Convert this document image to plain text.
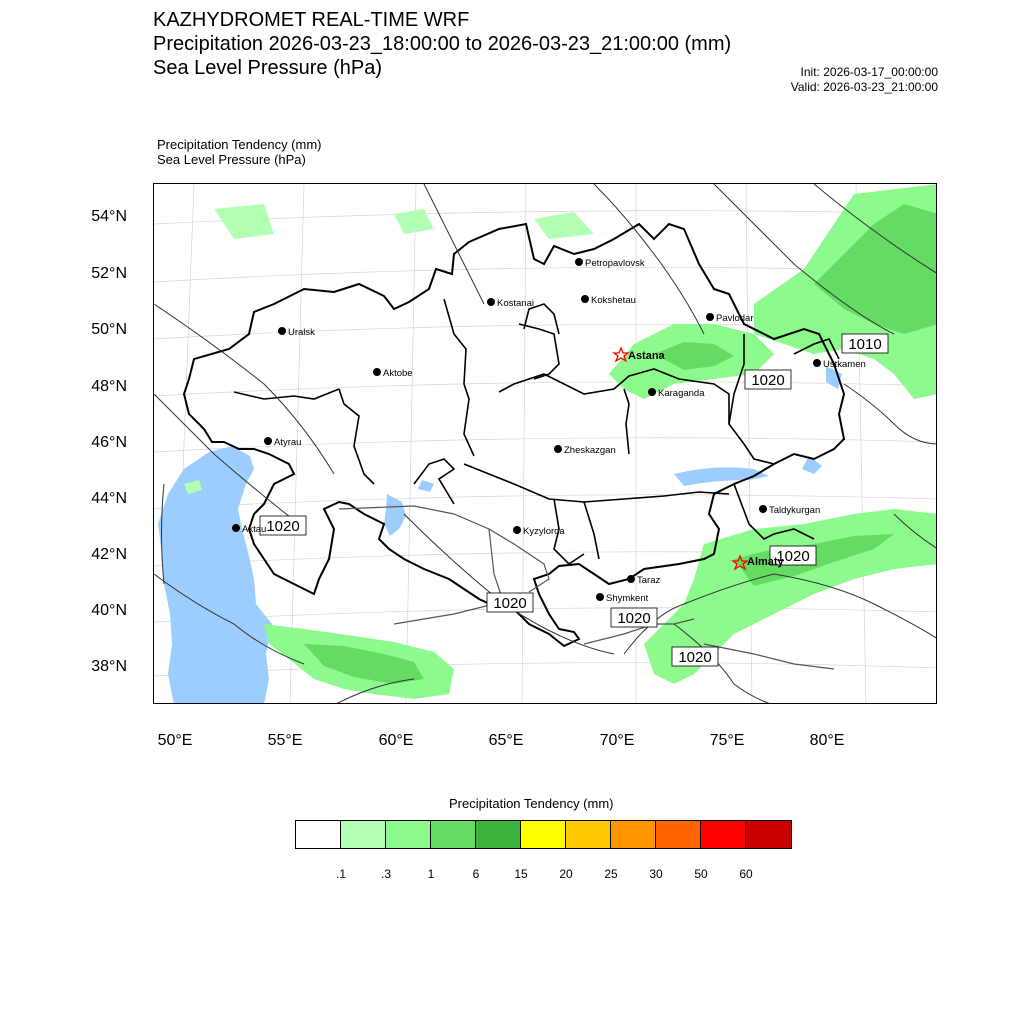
KAZHYDROMET REAL-TIME WRF
Precipitation 2026-03-23_18:00:00 to 2026-03-23_21:00:00 (mm)
Sea Level Pressure (hPa)	Init: 2026-03-17_00:00:00
Valid: 2026-03-23_21:00:00
Precipitation Tendency (mm)
Sea Level Pressure (hPa)
1020
1020
1020
1020
1020
1020
1010
Petropavlovsk
Kostanai	Kokshetau
Uralsk
Pavlodar
Astana
Ustkamen
Aktobe
Karaganda
Atyrau
Zheskazgan
Aktau
Taldykurgan
Kyzylorda
Almaty
Taraz
Shymkent
54°N
52°N
50°N
48°N
46°N
44°N
42°N
40°N
38°N
50°E	55°E	60°E	65°E	70°E	75°E	80°E
Precipitation Tendency (mm)
.1	.3	1	6	15	20	25	30	50	60
